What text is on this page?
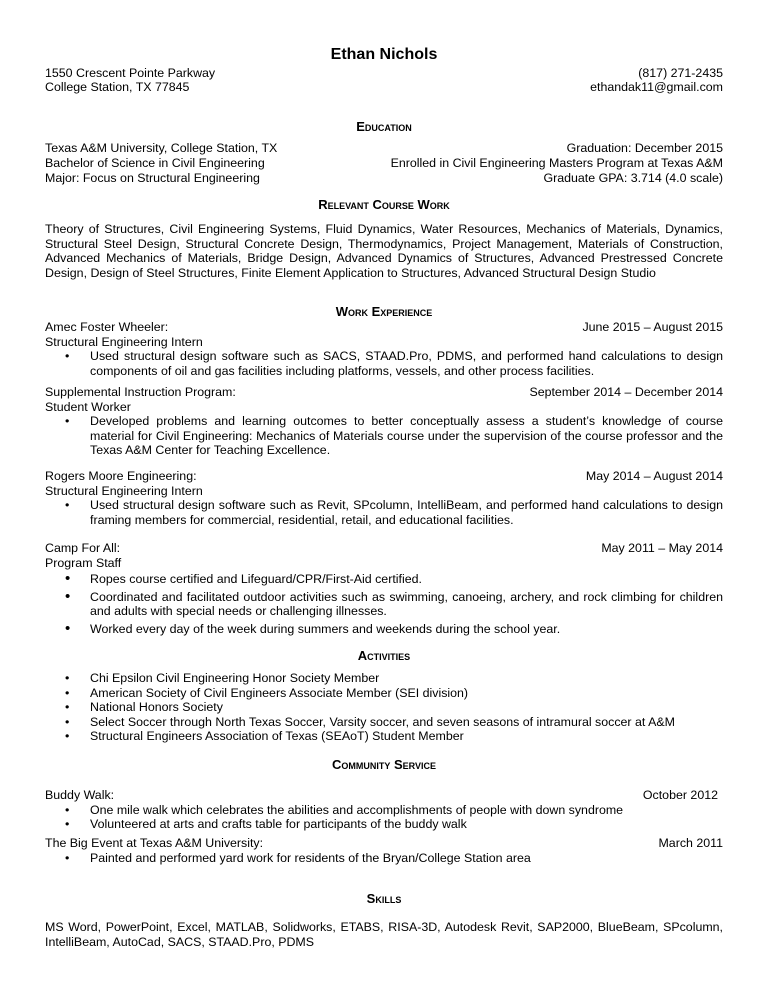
Ethan Nichols
1550 Crescent Pointe Parkway	(817) 271-2435
College Station, TX 77845	ethandak11@gmail.com
Education
Texas A&M University, College Station, TX	Graduation: December 2015
Bachelor of Science in Civil Engineering	Enrolled in Civil Engineering Masters Program at Texas A&M
Major: Focus on Structural Engineering	Graduate GPA: 3.714 (4.0 scale)
Relevant Course Work
Theory of Structures, Civil Engineering Systems, Fluid Dynamics, Water Resources, Mechanics of Materials, Dynamics, Structural Steel Design, Structural Concrete Design, Thermodynamics, Project Management, Materials of Construction, Advanced Mechanics of Materials, Bridge Design, Advanced Dynamics of Structures, Advanced Prestressed Concrete Design, Design of Steel Structures, Finite Element Application to Structures, Advanced Structural Design Studio
Work Experience
Amec Foster Wheeler:	June 2015 – August 2015
Structural Engineering Intern
• Used structural design software such as SACS, STAAD.Pro, PDMS, and performed hand calculations to design components of oil and gas facilities including platforms, vessels, and other process facilities.
Supplemental Instruction Program:	September 2014 – December 2014
Student Worker
• Developed problems and learning outcomes to better conceptually assess a student’s knowledge of course material for Civil Engineering: Mechanics of Materials course under the supervision of the course professor and the Texas A&M Center for Teaching Excellence.
Rogers Moore Engineering:	May 2014 – August 2014
Structural Engineering Intern
• Used structural design software such as Revit, SPcolumn, IntelliBeam, and performed hand calculations to design framing members for commercial, residential, retail, and educational facilities.
Camp For All:	May 2011 – May 2014
Program Staff
• Ropes course certified and Lifeguard/CPR/First-Aid certified.
• Coordinated and facilitated outdoor activities such as swimming, canoeing, archery, and rock climbing for children and adults with special needs or challenging illnesses.
• Worked every day of the week during summers and weekends during the school year.
Activities
• Chi Epsilon Civil Engineering Honor Society Member
• American Society of Civil Engineers Associate Member (SEI division)
• National Honors Society
• Select Soccer through North Texas Soccer, Varsity soccer, and seven seasons of intramural soccer at A&M
• Structural Engineers Association of Texas (SEAoT) Student Member
Community Service
Buddy Walk:	October 2012
• One mile walk which celebrates the abilities and accomplishments of people with down syndrome
• Volunteered at arts and crafts table for participants of the buddy walk
The Big Event at Texas A&M University:	March 2011
• Painted and performed yard work for residents of the Bryan/College Station area
Skills
MS Word, PowerPoint, Excel, MATLAB, Solidworks, ETABS, RISA-3D, Autodesk Revit, SAP2000, BlueBeam, SPcolumn, IntelliBeam, AutoCad, SACS, STAAD.Pro, PDMS
